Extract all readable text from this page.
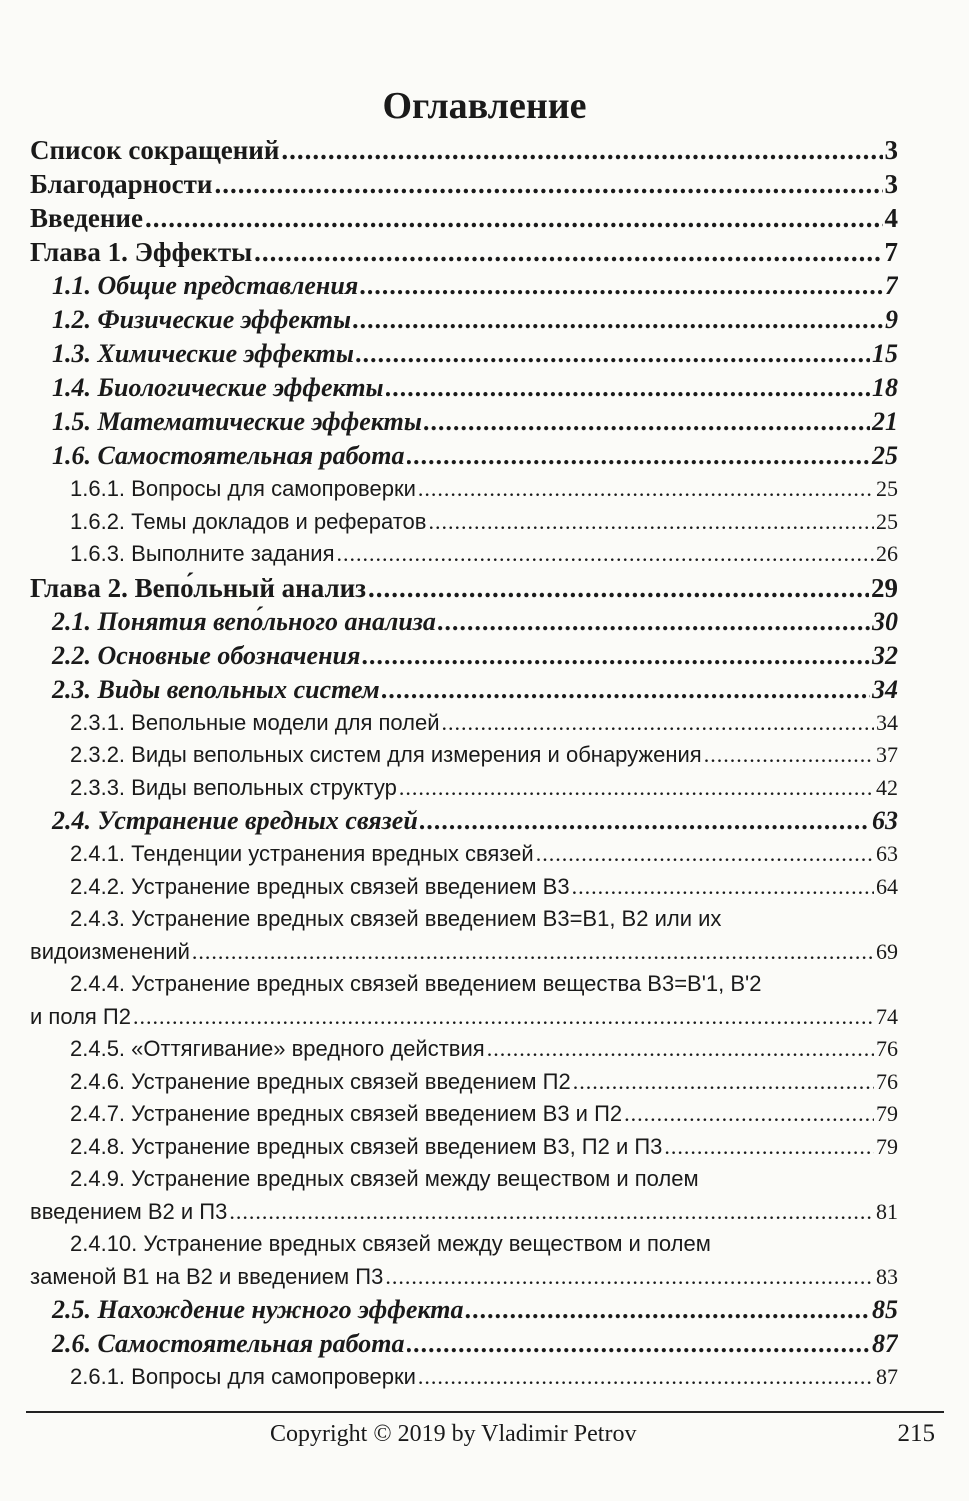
Оглавление
Список сокращений .....	3
Благодарности .....	3
Введение .....	4
Глава 1. Эффекты .....	7
1.1. Общие представления .....	7
1.2. Физические эффекты .....	9
1.3. Химические эффекты .....	15
1.4. Биологические эффекты .....	18
1.5. Математические эффекты .....	21
1.6. Самостоятельная работа .....	25
1.6.1. Вопросы для самопроверки .....	25
1.6.2. Темы докладов и рефератов .....	25
1.6.3. Выполните задания .....	26
Глава 2. Вепо́льный анализ .....	29
2.1. Понятия вепо́льного анализа .....	30
2.2. Основные обозначения .....	32
2.3. Виды вепольных систем .....	34
2.3.1. Вепольные модели для полей .....	34
2.3.2. Виды вепольных систем для измерения и обнаружения .....	37
2.3.3. Виды вепольных структур .....	42
2.4. Устранение вредных связей .....	63
2.4.1. Тенденции устранения вредных связей .....	63
2.4.2. Устранение вредных связей введением В3 .....	64
2.4.3. Устранение вредных связей введением В3=В1, В2 или их
видоизменений .....	69
2.4.4. Устранение вредных связей введением вещества В3=В'1, В'2
и поля П2 .....	74
2.4.5. «Оттягивание» вредного действия .....	76
2.4.6. Устранение вредных связей введением П2 .....	76
2.4.7. Устранение вредных связей введением В3 и П2 .....	79
2.4.8. Устранение вредных связей введением В3, П2 и П3 .....	79
2.4.9. Устранение вредных связей между веществом и полем
введением В2 и П3 .....	81
2.4.10. Устранение вредных связей между веществом и полем
заменой В1 на В2 и введением П3 .....	83
2.5. Нахождение нужного эффекта .....	85
2.6. Самостоятельная работа .....	87
2.6.1. Вопросы для самопроверки .....	87
Copyright © 2019 by Vladimir Petrov	215
